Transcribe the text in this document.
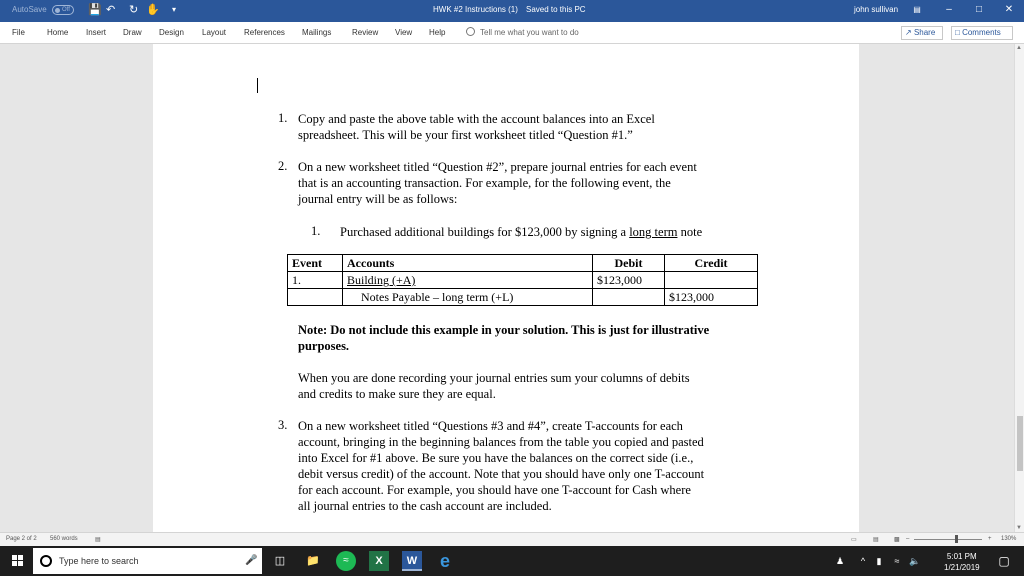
AutoSave	Off	💾 ↶ ↻ ✋ ▾	HWK #2 Instructions (1) Saved to this PC	john sullivan	▤	–	□	✕
File	Home Insert Draw Design Layout References Mailings	Review View Help	Tell me what you want to do	↗ Share	□ Comments
1. Copy and paste the above table with the account balances into an Excel
spreadsheet. This will be your first worksheet titled “Question #1.”
2. On a new worksheet titled “Question #2”, prepare journal entries for each event
that is an accounting transaction. For example, for the following event, the
journal entry will be as follows:
1. Purchased additional buildings for $123,000 by signing a long term note
Event	Accounts	Debit	Credit
1.	Building (+A)	$123,000	
	Notes Payable – long term (+L)		$123,000
Note: Do not include this example in your solution. This is just for illustrative
purposes.
When you are done recording your journal entries sum your columns of debits
and credits to make sure they are equal.
3. On a new worksheet titled “Questions #3 and #4”, create T-accounts for each
account, bringing in the beginning balances from the table you copied and pasted
into Excel for #1 above. Be sure you have the balances on the correct side (i.e.,
debit versus credit) of the account. Note that you should have only one T-account
for each account. For example, you should have one T-account for Cash where
all journal entries to the cash account are included.
▲
▼
Page 2 of 2 560 words	▤	▭	▤	▩ –	+ 130%
Type here to search	🎤	◫	📁	≈	X	W e	♟	^	▮	≈	🔈	5:01 PM
1/21/2019	▢
